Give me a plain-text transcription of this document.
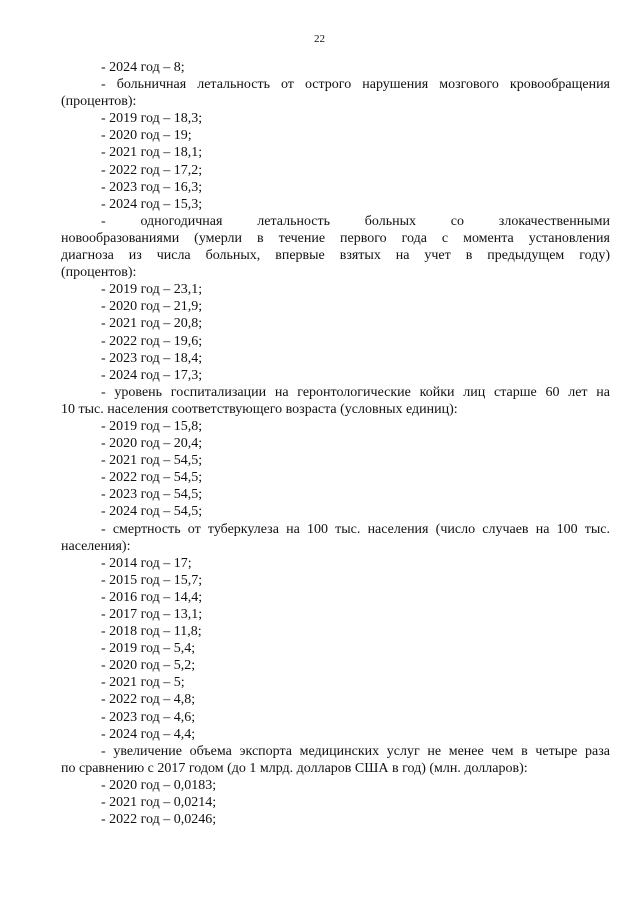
22
- 2024 год – 8;
- больничная летальность от острого нарушения мозгового кровообращения
(процентов):
- 2019 год – 18,3;
- 2020 год – 19;
- 2021 год – 18,1;
- 2022 год – 17,2;
- 2023 год – 16,3;
- 2024 год – 15,3;
- одногодичная летальность больных со злокачественными
новообразованиями (умерли в течение первого года с момента установления
диагноза из числа больных, впервые взятых на учет в предыдущем году)
(процентов):
- 2019 год – 23,1;
- 2020 год – 21,9;
- 2021 год – 20,8;
- 2022 год – 19,6;
- 2023 год – 18,4;
- 2024 год – 17,3;
- уровень госпитализации на геронтологические койки лиц старше 60 лет на
10 тыс. населения соответствующего возраста (условных единиц):
- 2019 год – 15,8;
- 2020 год – 20,4;
- 2021 год – 54,5;
- 2022 год – 54,5;
- 2023 год – 54,5;
- 2024 год – 54,5;
- смертность от туберкулеза на 100 тыс. населения (число случаев на 100 тыс.
населения):
- 2014 год – 17;
- 2015 год – 15,7;
- 2016 год – 14,4;
- 2017 год – 13,1;
- 2018 год – 11,8;
- 2019 год – 5,4;
- 2020 год – 5,2;
- 2021 год – 5;
- 2022 год – 4,8;
- 2023 год – 4,6;
- 2024 год – 4,4;
- увеличение объема экспорта медицинских услуг не менее чем в четыре раза
по сравнению с 2017 годом (до 1 млрд. долларов США в год) (млн. долларов):
- 2020 год – 0,0183;
- 2021 год – 0,0214;
- 2022 год – 0,0246;
